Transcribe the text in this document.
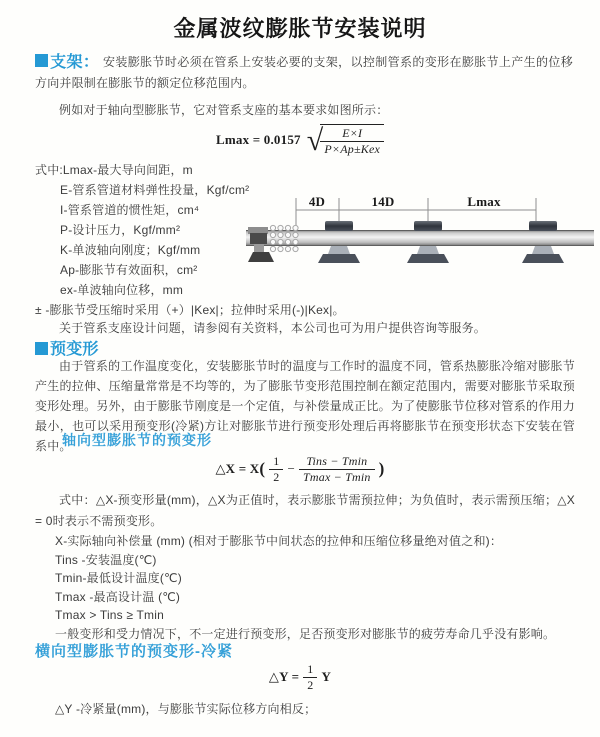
金属波纹膨胀节安装说明
支架： 安装膨胀节时必须在管系上安装必要的支架，以控制管系的变形在膨胀节上产生的位移方向并限制在膨胀节的额定位移范围内。
例如对于轴向型膨胀节，它对管系支座的基本要求如图所示：
Lmax = 0.0157 √
$\frac{E\times I}{\text{P×Ap±Kex}}$
式中:Lmax-最大导向间距，m
E-管系管道材料弹性投量，Kgf/cm²
I-管系管道的惯性矩，cm⁴
P-设计压力，Kgf/mm²
K-单波轴向刚度；Kgf/mm
Ap-膨胀节有效面积，cm²
ex-单波轴向位移，mm
± -膨胀节受压缩时采用（+）|Kex|；拉伸时采用(-)|Kex|。
4D	14D	Lmax
关于管系支座设计问题，请参阅有关资料，本公司也可为用户提供咨询等服务。
预变形
由于管系的工作温度变化，安装膨胀节时的温度与工作时的温度不同，管系热膨胀冷缩对膨胀节产生的拉伸、压缩量常常是不均等的，为了膨胀节变形范围控制在额定范围内，需要对膨胀节采取预变形处理。另外，由于膨胀节刚度是一个定值，与补偿量成正比。为了使膨胀节位移对管系的作用力最小，也可以采用预变形(冷紧)方让对膨胀节进行预变形处理后再将膨胀节在预变形状态下安装在管系中。
轴向型膨胀节的预变形
△X = X ( $\frac{1}{2} - \frac{\text{Tins − Tmin}}{Tmax - Tmin}$ )
式中：△X-预变形量(mm)，△X为正值时，表示膨胀节需预拉伸；为负值时，表示需预压缩；△X = 0时表示不需预变形。
X-实际轴向补偿量 (mm) (相对于膨胀节中间状态的拉伸和压缩位移量绝对值之和)：
Tins -安装温度(℃)
Tmin-最低设计温度(℃)
Tmax -最高设计温 (℃)
Tmax > Tins ≥ Tmin
一般变形和受力情况下，不一定进行预变形，足否预变形对膨胀节的疲劳寿命几乎没有影响。
横向型膨胀节的预变形-冷紧
△Y = $\frac{1}{2}$ Y
△Y -冷紧量(mm)，与膨胀节实际位移方向相反；
